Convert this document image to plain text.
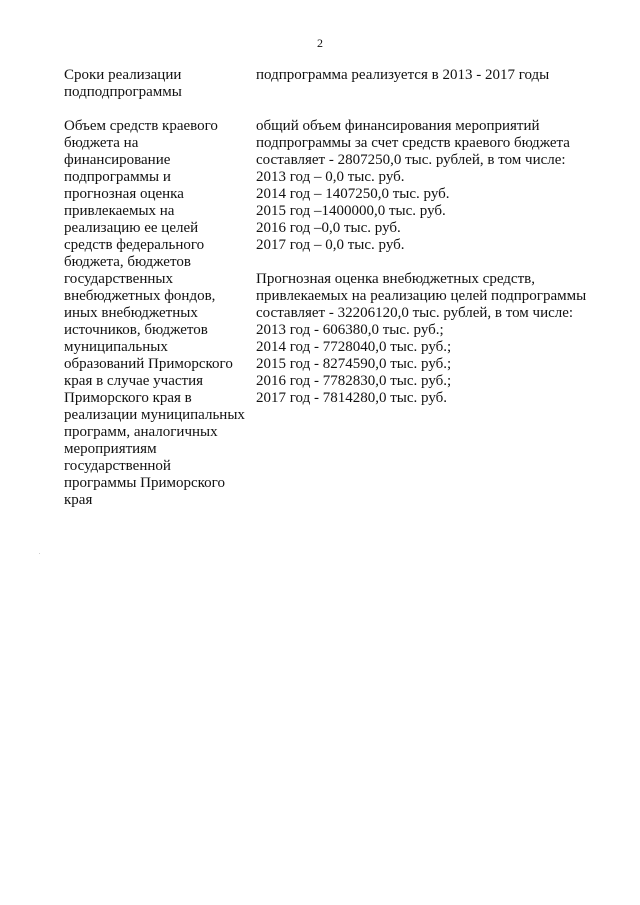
2
Сроки реализации
подподпрограммы
подпрограмма реализуется в 2013 - 2017 годы
Объем средств краевого
бюджета на
финансирование
подпрограммы и
прогнозная оценка
привлекаемых на
реализацию ее целей
средств федерального
бюджета, бюджетов
государственных
внебюджетных фондов,
иных внебюджетных
источников, бюджетов
муниципальных
образований Приморского
края в случае участия
Приморского края в
реализации муниципальных
программ, аналогичных
мероприятиям
государственной
программы Приморского
края
общий объем финансирования мероприятий
подпрограммы за счет средств краевого бюджета
составляет - 2807250,0 тыс. рублей, в том числе:
2013 год – 0,0 тыс. руб.
2014 год – 1407250,0 тыс. руб.
2015 год –1400000,0 тыс. руб.
2016 год –0,0 тыс. руб.
2017 год – 0,0 тыс. руб.
Прогнозная оценка внебюджетных средств,
привлекаемых на реализацию целей подпрограммы
составляет - 32206120,0 тыс. рублей, в том числе:
2013 год - 606380,0 тыс. руб.;
2014 год - 7728040,0 тыс. руб.;
2015 год - 8274590,0 тыс. руб.;
2016 год - 7782830,0 тыс. руб.;
2017 год - 7814280,0 тыс. руб.
